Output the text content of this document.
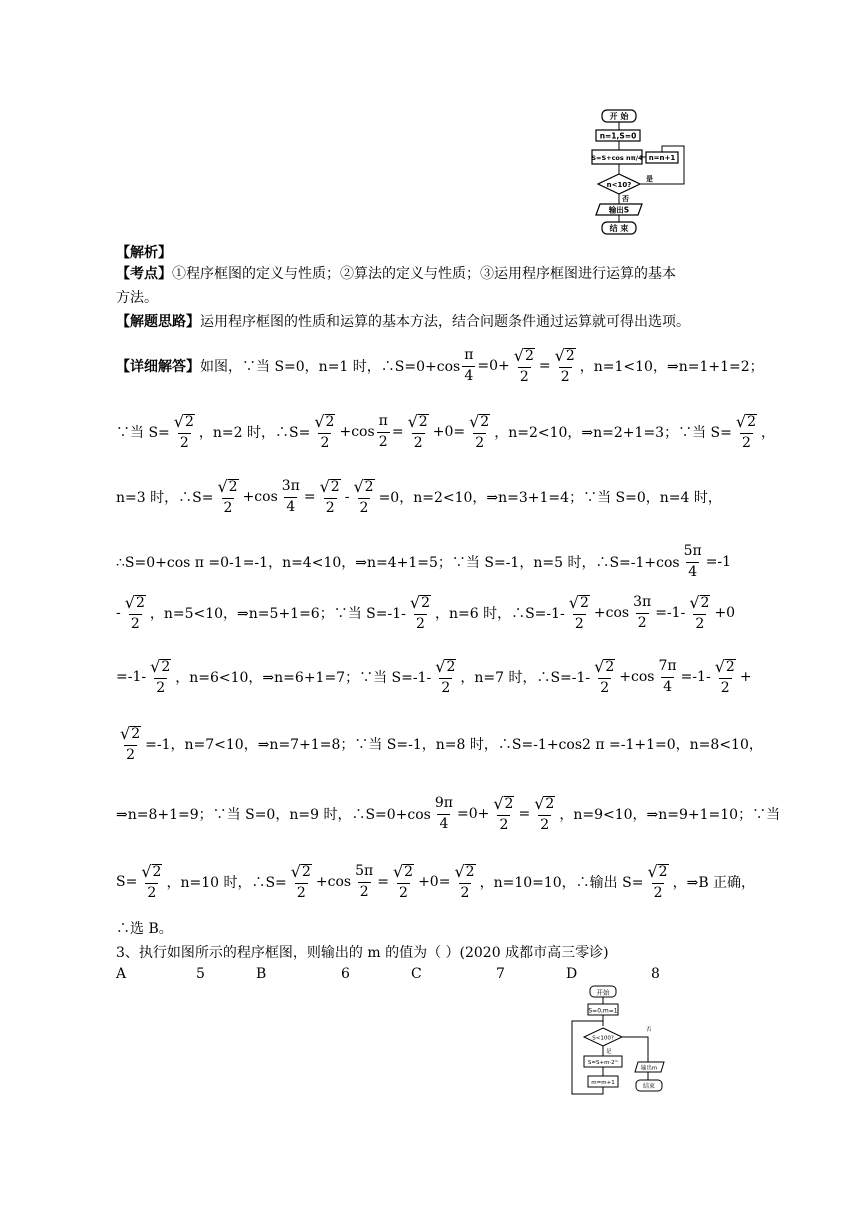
开 始
n=1,S=0
S=S+cos nπ/4 n=n+1
n<10?
是
否
输出S
结 束
【解析】
【考点】 ①程序框图的定义与性质；②算法的定义与性质；③运用程序框图进行运算的基本
方法。
【解题思路】 运用程序框图的性质和运算的基本方法，结合问题条件通过运算就可得出选项。
【详细解答】 如图，∵当 S=0，n=1 时，∴S=0+cos $\frac{\pi}{4} =0+ \frac{√ 2}{2} = \frac{√ 2}{2}$ ，n=1<10，⇒n=1+1=2；
∵当 $S= \frac{√ 2}{2}$ ，n=2 时，∴S= $\frac{√ 2}{2} +\cos \frac{\pi}{2} = \frac{√ 2}{2} +0= \frac{√ 2}{2}$ ，n=2<10，⇒n=2+1=3；∵当 $S= \frac{√ 2}{2}$ ，
n=3 时，∴S= $\frac{√ 2}{2} +\cos \frac{3\pi}{4} = \frac{√ 2}{2} - \frac{√ 2}{2} =0$，n=2<10，⇒n=3+1=4；∵当 S=0，n=4 时，
∴S=0+cos π =0-1=-1，n=4<10，⇒n=4+1=5；∵当 S=-1，n=5 时，∴S=-1+cos $\frac{5\pi}{4} =-1$
- $\frac{√ 2}{2}$ ，n=5<10，⇒n=5+1=6；∵当 $S=-1- \frac{√ 2}{2}$ ，n=6 时，∴S=-1- $\frac{√ 2}{2} +\cos \frac{3\pi}{2} =-1- \frac{√ 2}{2} +0$
$=-1- \frac{√ 2}{2}$ ，n=6<10，⇒n=6+1=7；∵当 $S=-1- \frac{√ 2}{2}$ ，n=7 时，∴S=-1- $\frac{√ 2}{2} +\cos \frac{7\pi}{4} =-1- \frac{√ 2}{2}$ +
$\frac{√ 2}{2} =-1$，n=7<10，⇒n=7+1=8；∵当 S=-1，n=8 时，∴S=-1+cos2 π =-1+1=0，n=8<10，
⇒n=8+1=9；∵当 S=0，n=9 时，∴S=0+cos $\frac{9\pi}{4} =0+ \frac{√ 2}{2} = \frac{√ 2}{2}$ ，n=9<10，⇒n=9+1=10；∵当
$S= \frac{√ 2}{2}$ ，n=10 时，∴S= $\frac{√ 2}{2} +\cos \frac{5\pi}{2} = \frac{√ 2}{2} +0= \frac{√ 2}{2}$ ，n=10=10，∴输出 $S= \frac{√ 2}{2}$ ，⇒B 正确，
∴选 B。
3、执行如图所示的程序框图，则输出的 m 的值为（ ）(2020 成都市高三零诊)
A	5	B	6	C	7	D	8
开始
S=0,m=1
S<100?
否
输出m
结束
是
S=S+m·2ᵐ
m=m+1
